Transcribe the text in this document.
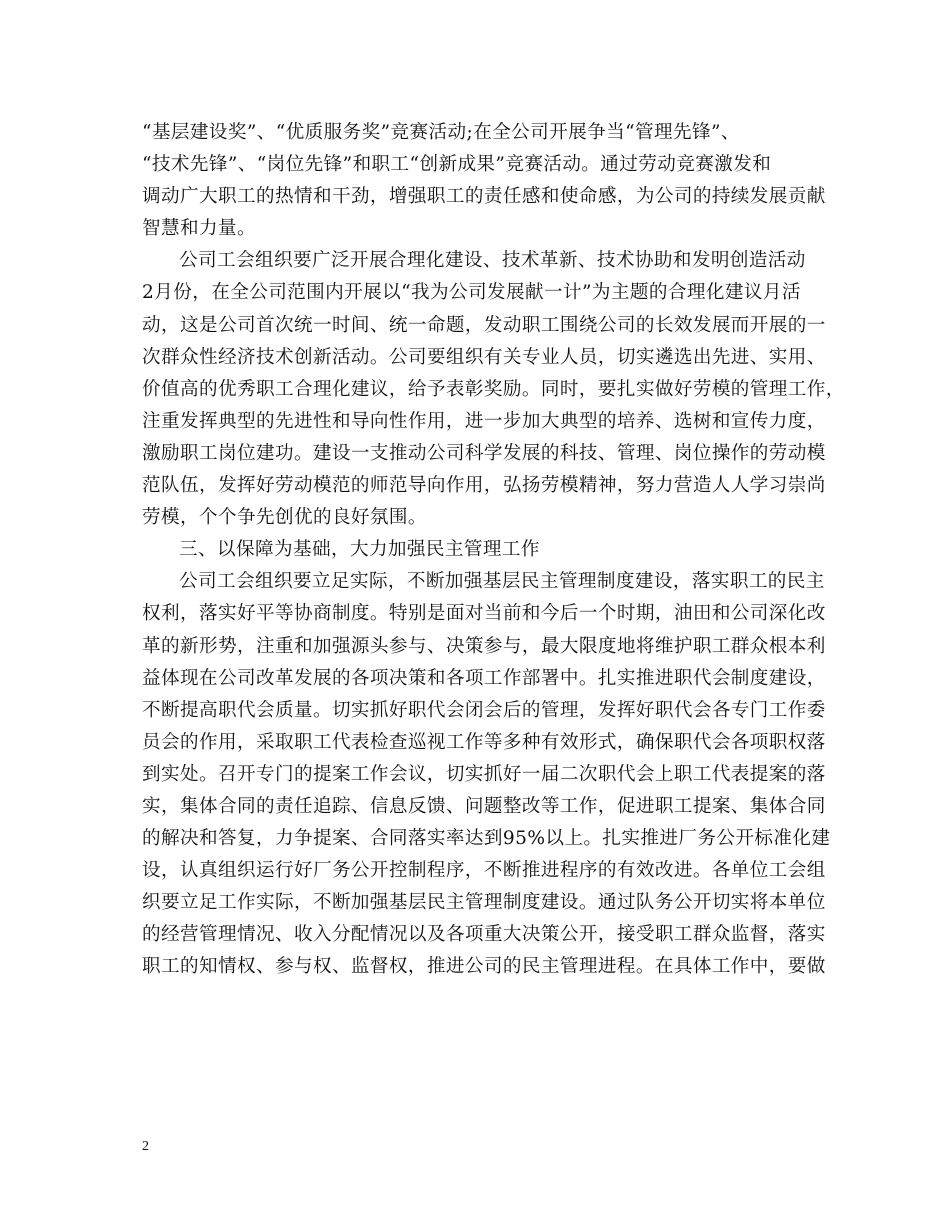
“基层建设奖”、“优质服务奖”竞赛活动;在全公司开展争当“管理先锋”、
“技术先锋”、“岗位先锋”和职工“创新成果”竞赛活动。通过劳动竞赛激发和
调动广大职工的热情和干劲，增强职工的责任感和使命感，为公司的持续发展贡献
智慧和力量。
公司工会组织要广泛开展合理化建设、技术革新、技术协助和发明创造活动
2月份，在全公司范围内开展以“我为公司发展献一计”为主题的合理化建议月活
动，这是公司首次统一时间、统一命题，发动职工围绕公司的长效发展而开展的一
次群众性经济技术创新活动。公司要组织有关专业人员，切实遴选出先进、实用、
价值高的优秀职工合理化建议，给予表彰奖励。同时，要扎实做好劳模的管理工作，
注重发挥典型的先进性和导向性作用，进一步加大典型的培养、选树和宣传力度，
激励职工岗位建功。建设一支推动公司科学发展的科技、管理、岗位操作的劳动模
范队伍，发挥好劳动模范的师范导向作用，弘扬劳模精神，努力营造人人学习崇尚
劳模，个个争先创优的良好氛围。
三、以保障为基础，大力加强民主管理工作
公司工会组织要立足实际，不断加强基层民主管理制度建设，落实职工的民主
权利，落实好平等协商制度。特别是面对当前和今后一个时期，油田和公司深化改
革的新形势，注重和加强源头参与、决策参与，最大限度地将维护职工群众根本利
益体现在公司改革发展的各项决策和各项工作部署中。扎实推进职代会制度建设，
不断提高职代会质量。切实抓好职代会闭会后的管理，发挥好职代会各专门工作委
员会的作用，采取职工代表检查巡视工作等多种有效形式，确保职代会各项职权落
到实处。召开专门的提案工作会议，切实抓好一届二次职代会上职工代表提案的落
实，集体合同的责任追踪、信息反馈、问题整改等工作，促进职工提案、集体合同
的解决和答复，力争提案、合同落实率达到95%以上。扎实推进厂务公开标准化建
设，认真组织运行好厂务公开控制程序，不断推进程序的有效改进。各单位工会组
织要立足工作实际，不断加强基层民主管理制度建设。通过队务公开切实将本单位
的经营管理情况、收入分配情况以及各项重大决策公开，接受职工群众监督，落实
职工的知情权、参与权、监督权，推进公司的民主管理进程。在具体工作中，要做
2
